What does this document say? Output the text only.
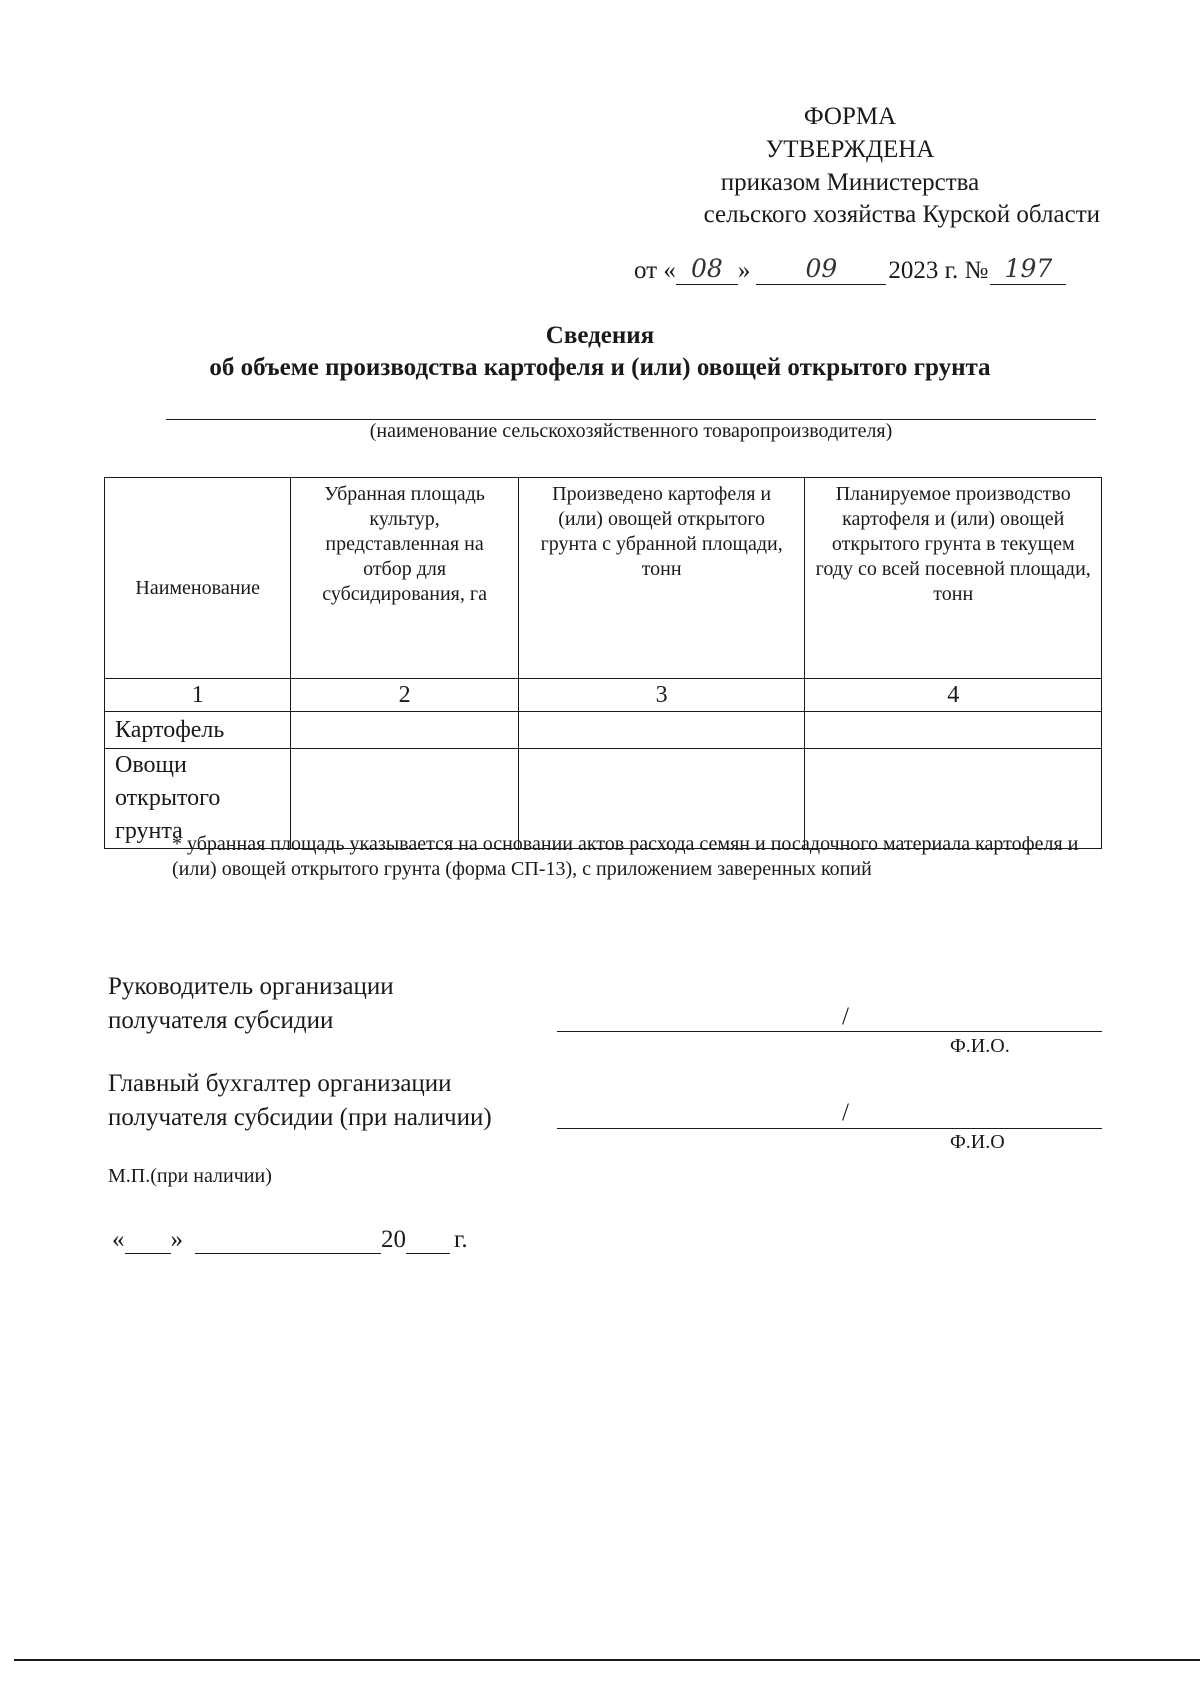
ФОРМА
УТВЕРЖДЕНА
приказом Министерства
сельского хозяйства Курской области
от « 08 »	09	2023 г. № 197
Сведения
об объеме производства картофеля и (или) овощей открытого грунта
(наименование сельскохозяйственного товаропроизводителя)
Наименование	Убранная площадь культур, представленная на отбор для субсидирования, га	Произведено картофеля и (или) овощей открытого грунта с убранной площади, тонн	Планируемое производство картофеля и (или) овощей открытого грунта в текущем году со всей посевной площади, тонн
1	2	3	4
Картофель			
Овощи открытого грунта			
* убранная площадь указывается на основании актов расхода семян и посадочного материала картофеля и (или) овощей открытого грунта (форма СП-13), с приложением заверенных копий
Руководитель организации
получателя субсидии	/
Ф.И.О.
Главный бухгалтер организации
получателя субсидии (при наличии)	/
Ф.И.О
М.П.(при наличии)
« »	20 г.
